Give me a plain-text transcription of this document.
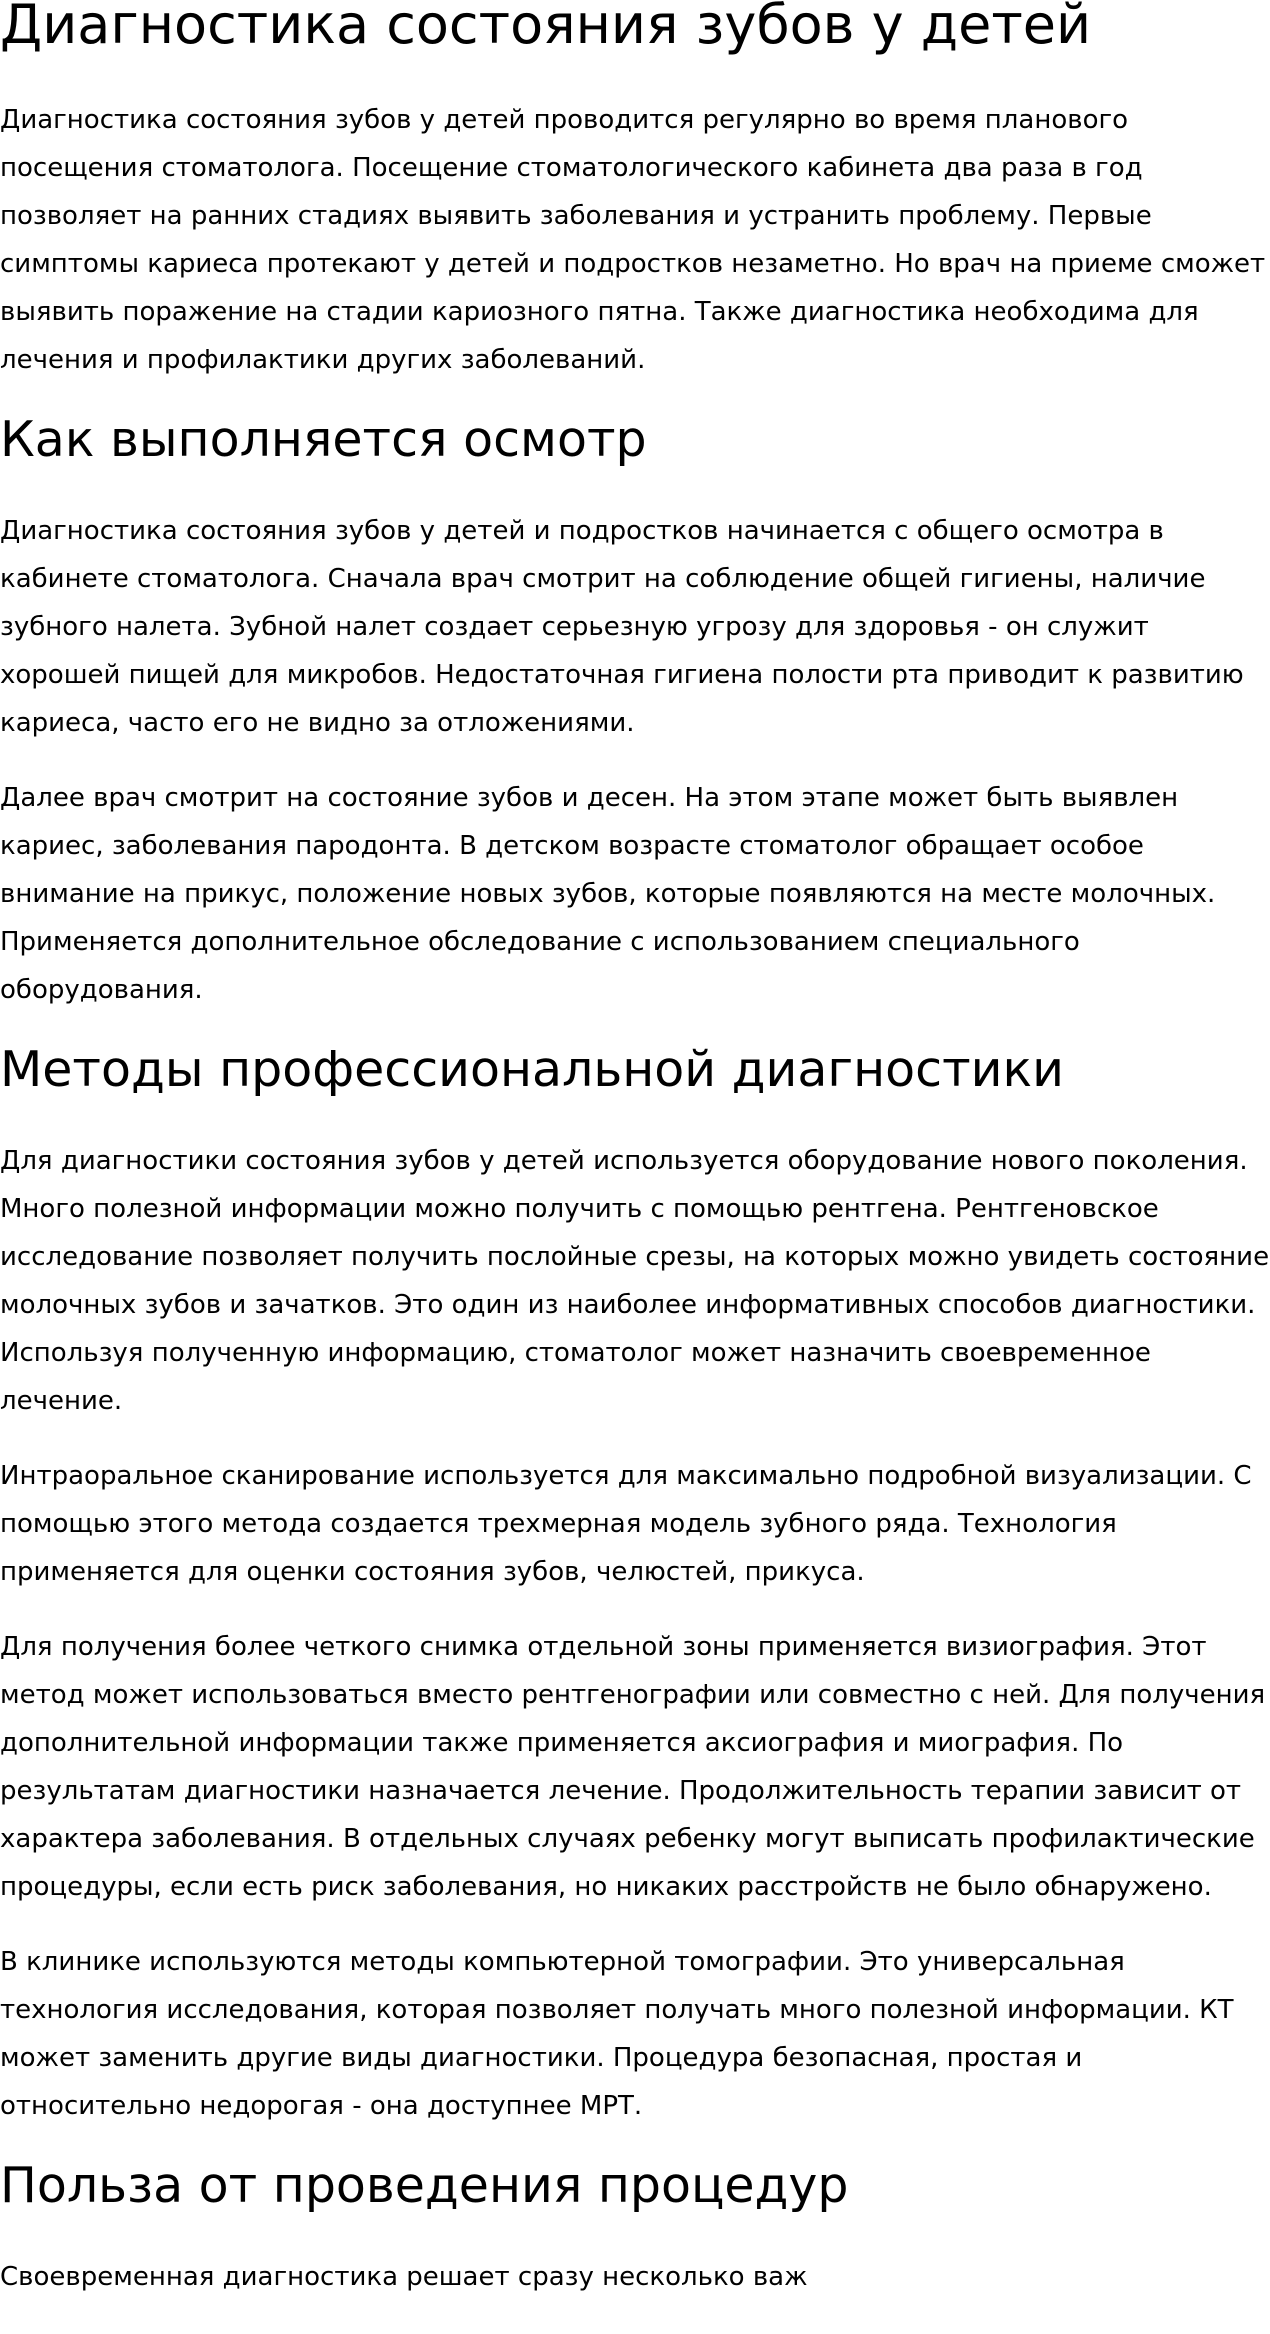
Диагностика состояния зубов у детей

Диагностика состояния зубов у детей проводится регулярно во время планового посещения стоматолога. Посещение стоматологического кабинета два раза в год позволяет на ранних стадиях выявить заболевания и устранить проблему. Первые симптомы кариеса протекают у детей и подростков незаметно. Но врач на приеме сможет выявить поражение на стадии кариозного пятна. Также диагностика необходима для лечения и профилактики других заболеваний.

Как выполняется осмотр

Диагностика состояния зубов у детей и подростков начинается с общего осмотра в кабинете стоматолога. Сначала врач смотрит на соблюдение общей гигиены, наличие зубного налета. Зубной налет создает серьезную угрозу для здоровья - он служит хорошей пищей для микробов. Недостаточная гигиена полости рта приводит к развитию кариеса, часто его не видно за отложениями.

Далее врач смотрит на состояние зубов и десен. На этом этапе может быть выявлен кариес, заболевания пародонта. В детском возрасте стоматолог обращает особое внимание на прикус, положение новых зубов, которые появляются на месте молочных. Применяется дополнительное обследование с использованием специального оборудования.

Методы профессиональной диагностики

Для диагностики состояния зубов у детей используется оборудование нового поколения. Много полезной информации можно получить с помощью рентгена. Рентгеновское исследование позволяет получить послойные срезы, на которых можно увидеть состояние молочных зубов и зачатков. Это один из наиболее информативных способов диагностики. Используя полученную информацию, стоматолог может назначить своевременное лечение.

Интраоральное сканирование используется для максимально подробной визуализации. С помощью этого метода создается трехмерная модель зубного ряда. Технология применяется для оценки состояния зубов, челюстей, прикуса.

Для получения более четкого снимка отдельной зоны применяется визиография. Этот метод может использоваться вместо рентгенографии или совместно с ней. Для получения дополнительной информации также применяется аксиография и миография. По результатам диагностики назначается лечение. Продолжительность терапии зависит от характера заболевания. В отдельных случаях ребенку могут выписать профилактические процедуры, если есть риск заболевания, но никаких расстройств не было обнаружено.

В клинике используются методы компьютерной томографии. Это универсальная технология исследования, которая позволяет получать много полезной информации. КТ может заменить другие виды диагностики. Процедура безопасная, простая и относительно недорогая - она доступнее МРТ.

Польза от проведения процедур

Своевременная диагностика решает сразу несколько важ
